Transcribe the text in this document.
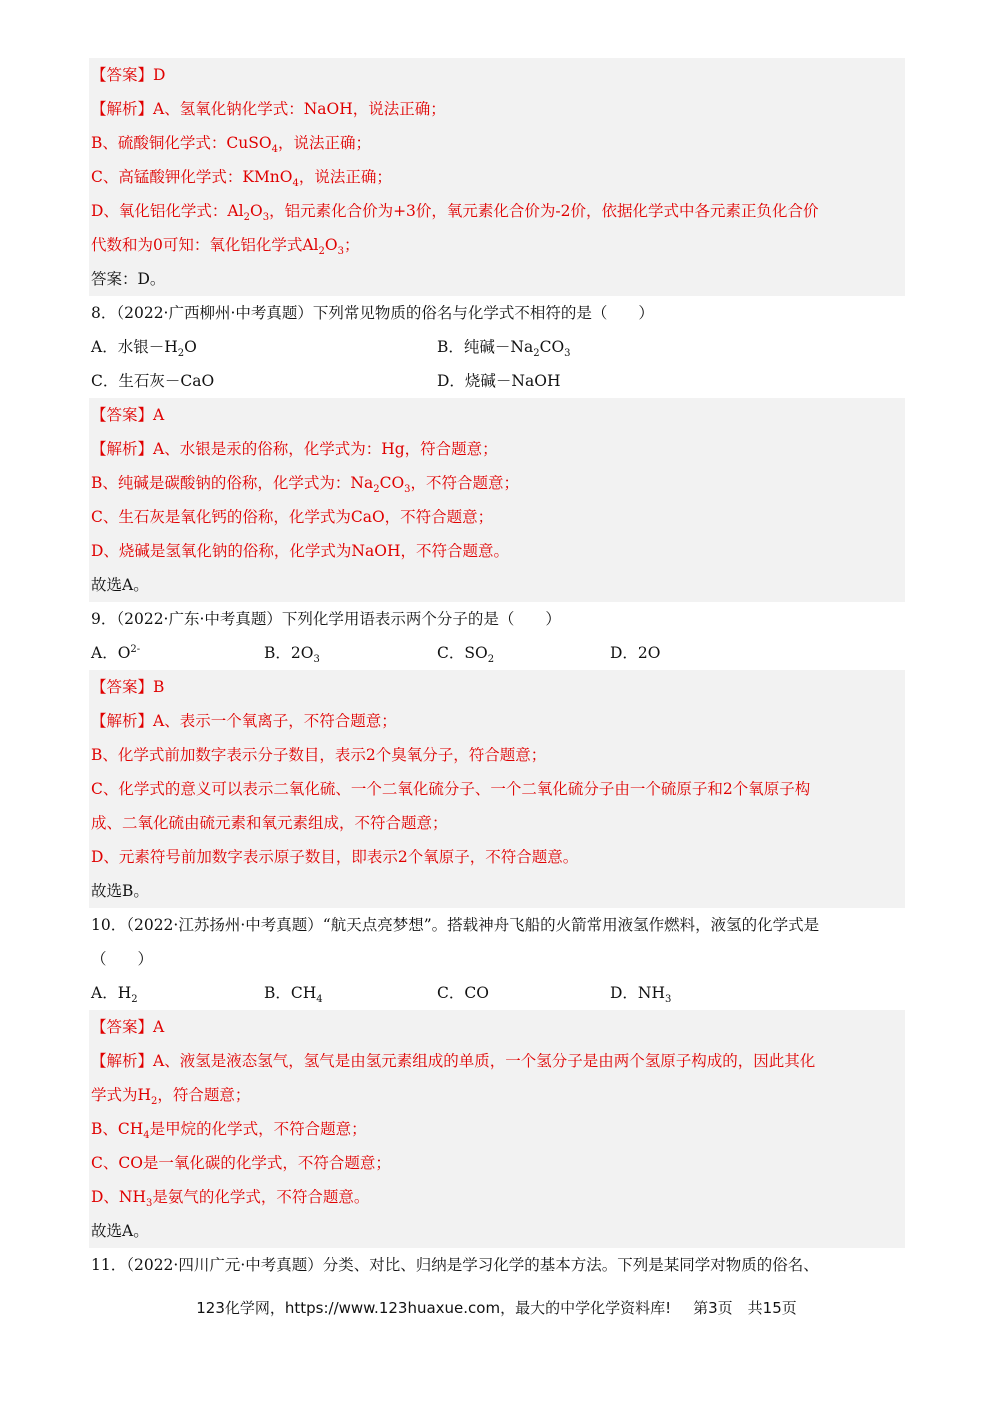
【答案】D
【解析】A、氢氧化钠化学式：NaOH，说法正确；
B、硫酸铜化学式：CuSO$_4$，说法正确；
C、高锰酸钾化学式：KMnO$_4$，说法正确；
D、氧化铝化学式：$Al_2O_3$，铝元素化合价为+3价，氧元素化合价为-2价，依据化学式中各元素正负化合价
代数和为0可知：氧化铝化学式$Al_2O_3$；
答案：D。
8．（2022·广西柳州·中考真题）下列常见物质的俗名与化学式不相符的是（　　）
A．水银$-H_2O$	B．纯碱$-Na_2CO_3$
C．生石灰－CaO	D．烧碱－NaOH
【答案】A
【解析】A、水银是汞的俗称，化学式为：Hg，符合题意；
B、纯碱是碳酸钠的俗称，化学式为：$Na_2CO_3$，不符合题意；
C、生石灰是氧化钙的俗称，化学式为CaO，不符合题意；
D、烧碱是氢氧化钠的俗称，化学式为NaOH，不符合题意。
故选A。
9．（2022·广东·中考真题）下列化学用语表示两个分子的是（　　）
A．$O^{2-}$	B．$2O_3$	C．$SO_2$	D．2O
【答案】B
【解析】A、表示一个氧离子，不符合题意；
B、化学式前加数字表示分子数目，表示2个臭氧分子，符合题意；
C、化学式的意义可以表示二氧化硫、一个二氧化硫分子、一个二氧化硫分子由一个硫原子和2个氧原子构
成、二氧化硫由硫元素和氧元素组成，不符合题意；
D、元素符号前加数字表示原子数目，即表示2个氧原子，不符合题意。
故选B。
10．（2022·江苏扬州·中考真题）“航天点亮梦想”。搭载神舟飞船的火箭常用液氢作燃料，液氢的化学式是
（　　）
A．$H_2$	B．$CH_4$	C．CO	D．$NH_3$
【答案】A
【解析】A、液氢是液态氢气，氢气是由氢元素组成的单质，一个氢分子是由两个氢原子构成的，因此其化
学式为$H_2$，符合题意；
B、$CH_4$是甲烷的化学式，不符合题意；
C、CO是一氧化碳的化学式，不符合题意；
D、$NH_3$是氨气的化学式，不符合题意。
故选A。
11．（2022·四川广元·中考真题）分类、对比、归纳是学习化学的基本方法。下列是某同学对物质的俗名、
123化学网，https://www.123huaxue.com，最大的中学化学资料库! 第3页　共15页
